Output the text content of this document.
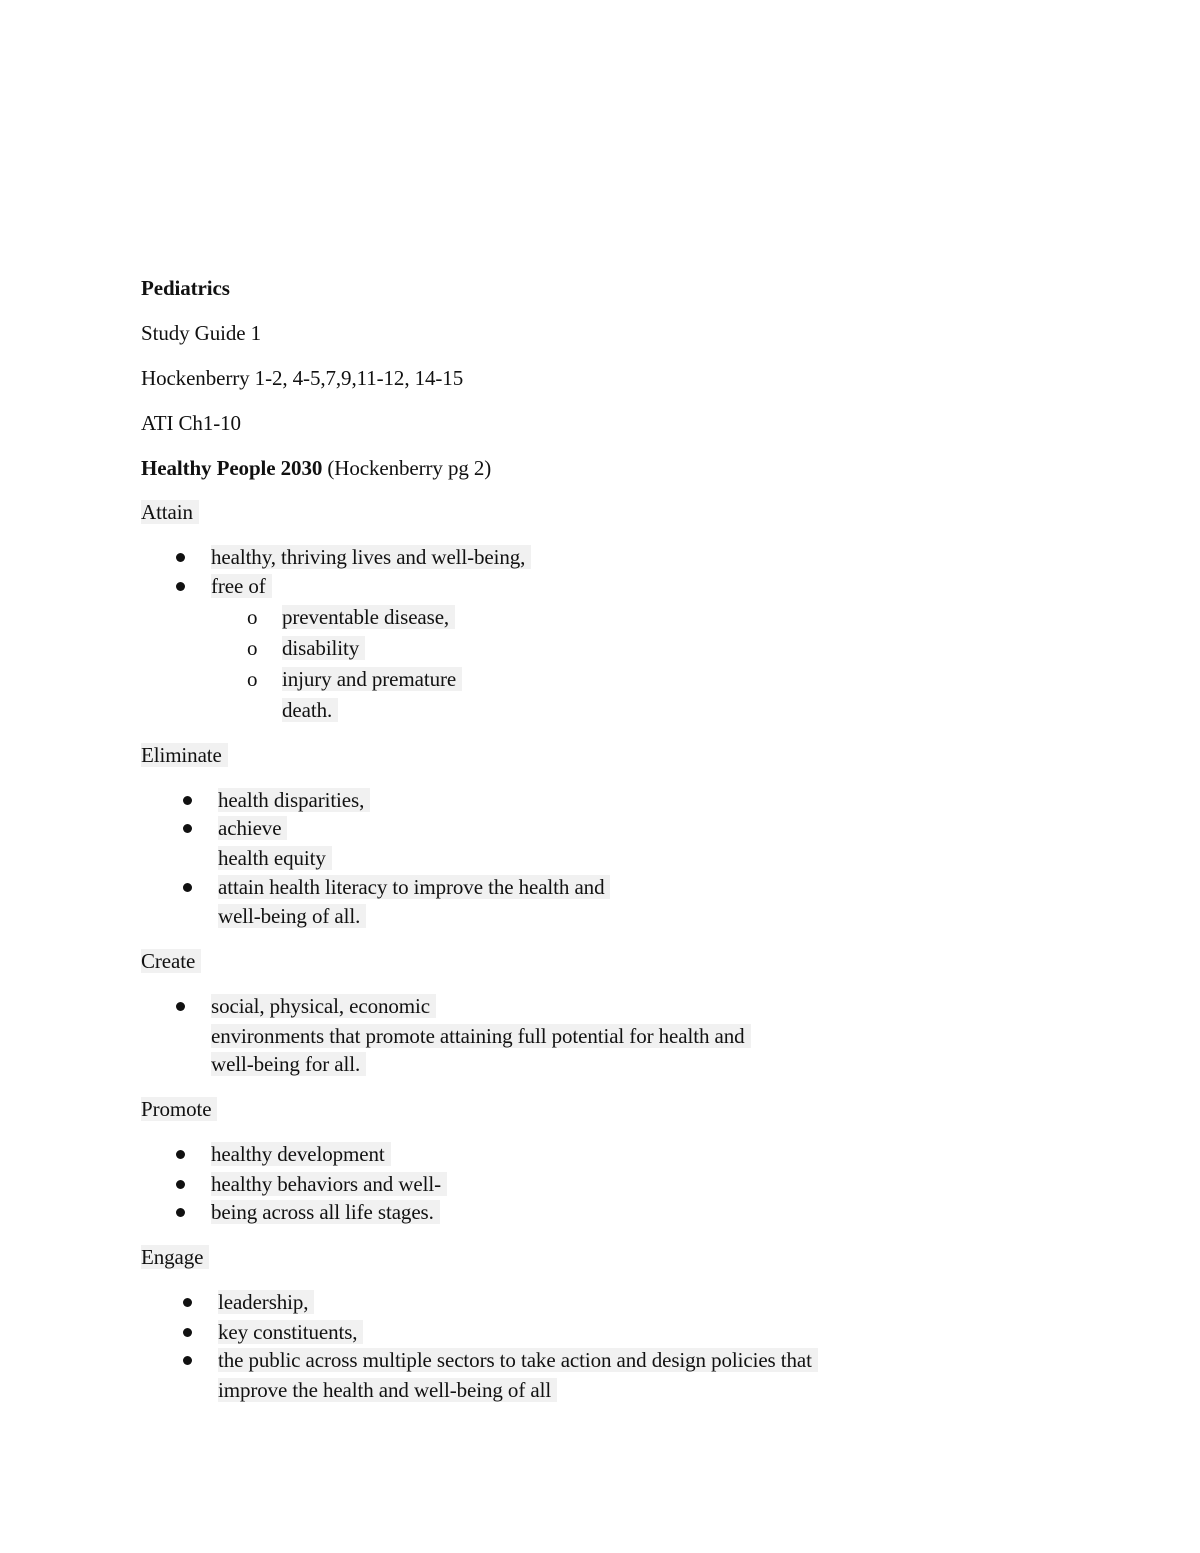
Pediatrics
Study Guide 1
Hockenberry 1-2, 4-5,7,9,11-12, 14-15
ATI Ch1-10
Healthy People 2030 (Hockenberry pg 2)
Attain
healthy, thriving lives and well-being,
free of
o preventable disease,
o disability
o injury and premature
death.
Eliminate
health disparities,
achieve
health equity
attain health literacy to improve the health and
well-being of all.
Create
social, physical, economic
environments that promote attaining full potential for health and
well-being for all.
Promote
healthy development
healthy behaviors and well-
being across all life stages.
Engage
leadership,
key constituents,
the public across multiple sectors to take action and design policies that
improve the health and well-being of all
